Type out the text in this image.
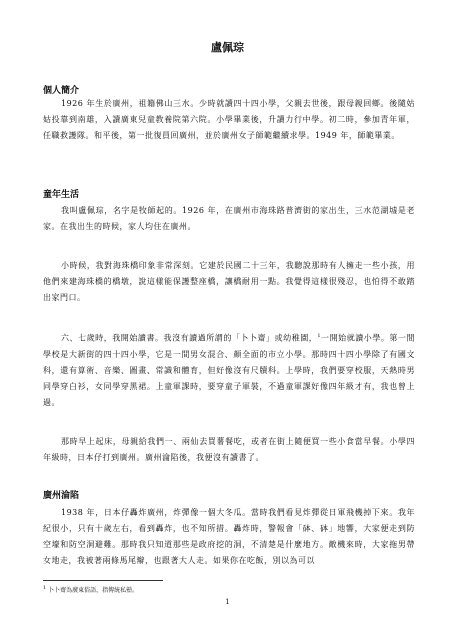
盧佩琮
個人簡介

1926 年生於廣州，祖籍佛山三水。少時就讀四十四小學，父親去世後，跟母親回鄉。後隨姑姑投靠到南雄，入讀廣東兒童教養院第六院。小學畢業後，升讀力行中學。初二時，參加青年軍，任職救護隊。和平後，第一批復員回廣州，並於廣州女子師範繼續求學。1949 年，師範畢業。

童年生活

我叫盧佩琮，名字是牧師起的。1926 年，在廣州市海珠路普濟街的家出生，三水范湖墟是老家。在我出生的時候，家人均住在廣州。

小時候，我對海珠橋印象非常深刻。它建於民國二十三年，我聽說那時有人擁走一些小孩，用他們來建海珠橋的橋墩，說這樣能保護整座橋，讓橋耐用一點。我覺得這樣很殘忍，也怕得不敢踏出家門口。

六、七歲時，我開始讀書。我沒有讀過所謂的「卜卜齋」或幼稚園，$^1$一開始就讀小學。第一間學校是大新街的四十四小學，它是一間男女混合、顏全面的市立小學。那時四十四小學除了有國文科，還有算術、音樂、圖畫、常識和體育，但好像沒有尺牘科。上學時，我們要穿校服，天熱時男同學穿白衫，女同學穿黑裙。上童軍課時，要穿童子軍裝，不過童軍課好像四年級才有，我也曾上過。

那時早上起床，母親給我們一、兩仙去買薯餐吃，或者在街上隨便買一些小食當早餐。小學四年級時，日本仔打到廣州。廣州淪陷後，我便沒有讀書了。

廣州淪陷

1938 年，日本仔轟炸廣州，炸彈像一個大冬瓜。當時我們看見炸彈從日軍飛機掉下來。我年紀很小，只有十歲左右，看到轟炸，也不知所措。轟炸時，警報會「砵、砵」地響，大家便走到防空壕和防空洞避難。那時我只知道那些是政府挖的洞，不清楚是什麼地方。敵機來時，大家拖男帶女地走，我被著兩條馬尾辮，也跟著大人走。如果你在吃飯，別以為可以

$^1$ 卜卜齋為廣東俗語，指傳統私塾。
1
